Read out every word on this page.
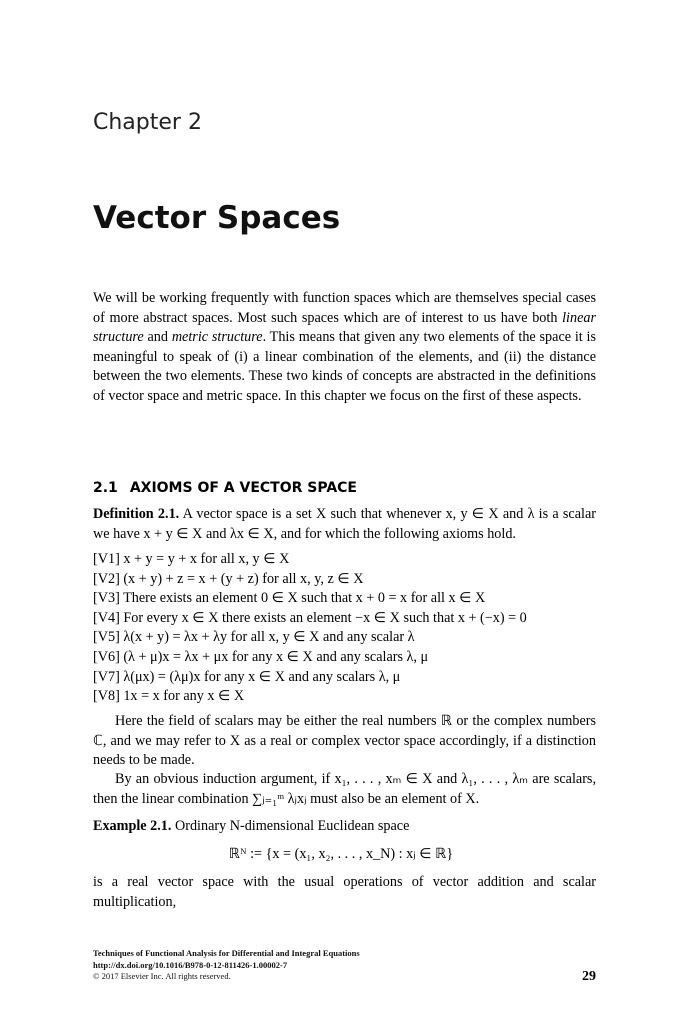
Chapter 2
Vector Spaces
We will be working frequently with function spaces which are themselves special cases of more abstract spaces. Most such spaces which are of interest to us have both linear structure and metric structure. This means that given any two elements of the space it is meaningful to speak of (i) a linear combination of the elements, and (ii) the distance between the two elements. These two kinds of concepts are abstracted in the definitions of vector space and metric space. In this chapter we focus on the first of these aspects.
2.1 AXIOMS OF A VECTOR SPACE
Definition 2.1. A vector space is a set X such that whenever x, y ∈ X and λ is a scalar we have x + y ∈ X and λx ∈ X, and for which the following axioms hold.
[V1] x + y = y + x for all x, y ∈ X
[V2] (x + y) + z = x + (y + z) for all x, y, z ∈ X
[V3] There exists an element 0 ∈ X such that x + 0 = x for all x ∈ X
[V4] For every x ∈ X there exists an element −x ∈ X such that x + (−x) = 0
[V5] λ(x + y) = λx + λy for all x, y ∈ X and any scalar λ
[V6] (λ + μ)x = λx + μx for any x ∈ X and any scalars λ, μ
[V7] λ(μx) = (λμ)x for any x ∈ X and any scalars λ, μ
[V8] 1x = x for any x ∈ X
Here the field of scalars may be either the real numbers ℝ or the complex numbers ℂ, and we may refer to X as a real or complex vector space accordingly, if a distinction needs to be made.
By an obvious induction argument, if x₁, . . . , xₘ ∈ X and λ₁, . . . , λₘ are scalars, then the linear combination ∑ⱼ₌₁ᵐ λⱼxⱼ must also be an element of X.
Example 2.1. Ordinary N-dimensional Euclidean space
ℝᴺ := {x = (x₁, x₂, . . . , x_N) : xⱼ ∈ ℝ}
is a real vector space with the usual operations of vector addition and scalar multiplication,
Techniques of Functional Analysis for Differential and Integral Equations
http://dx.doi.org/10.1016/B978-0-12-811426-1.00002-7
© 2017 Elsevier Inc. All rights reserved.	29
